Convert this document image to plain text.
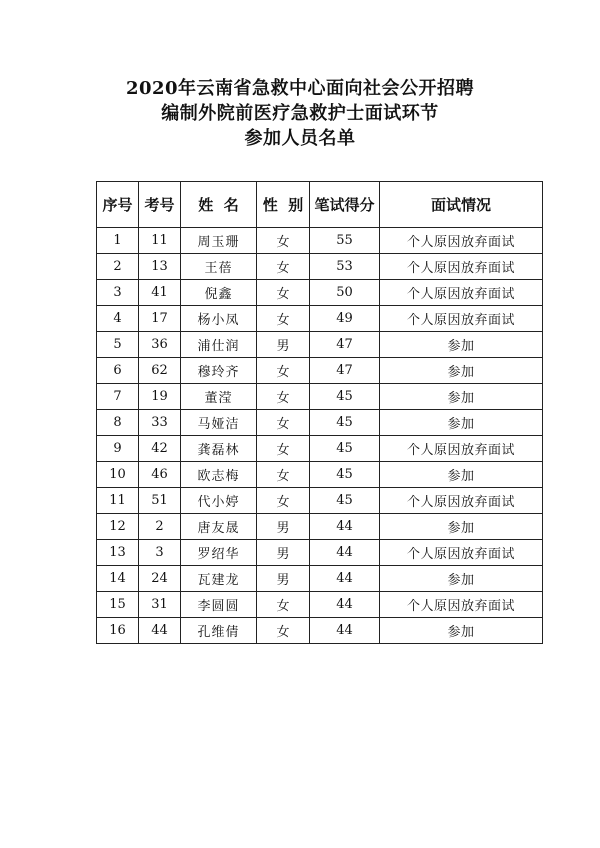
2020年云南省急救中心面向社会公开招聘
编制外院前医疗急救护士面试环节
参加人员名单
序号	考号	姓  名	性  别	笔试得分	面试情况
1	11	周玉珊	女	55	个人原因放弃面试
2	13	王蓓	女	53	个人原因放弃面试
3	41	倪鑫	女	50	个人原因放弃面试
4	17	杨小凤	女	49	个人原因放弃面试
5	36	浦仕润	男	47	参加
6	62	穆玲齐	女	47	参加
7	19	董滢	女	45	参加
8	33	马娅洁	女	45	参加
9	42	龚磊林	女	45	个人原因放弃面试
10	46	欧志梅	女	45	参加
11	51	代小婷	女	45	个人原因放弃面试
12	2	唐友晟	男	44	参加
13	3	罗绍华	男	44	个人原因放弃面试
14	24	瓦建龙	男	44	参加
15	31	李圆圆	女	44	个人原因放弃面试
16	44	孔维倩	女	44	参加
